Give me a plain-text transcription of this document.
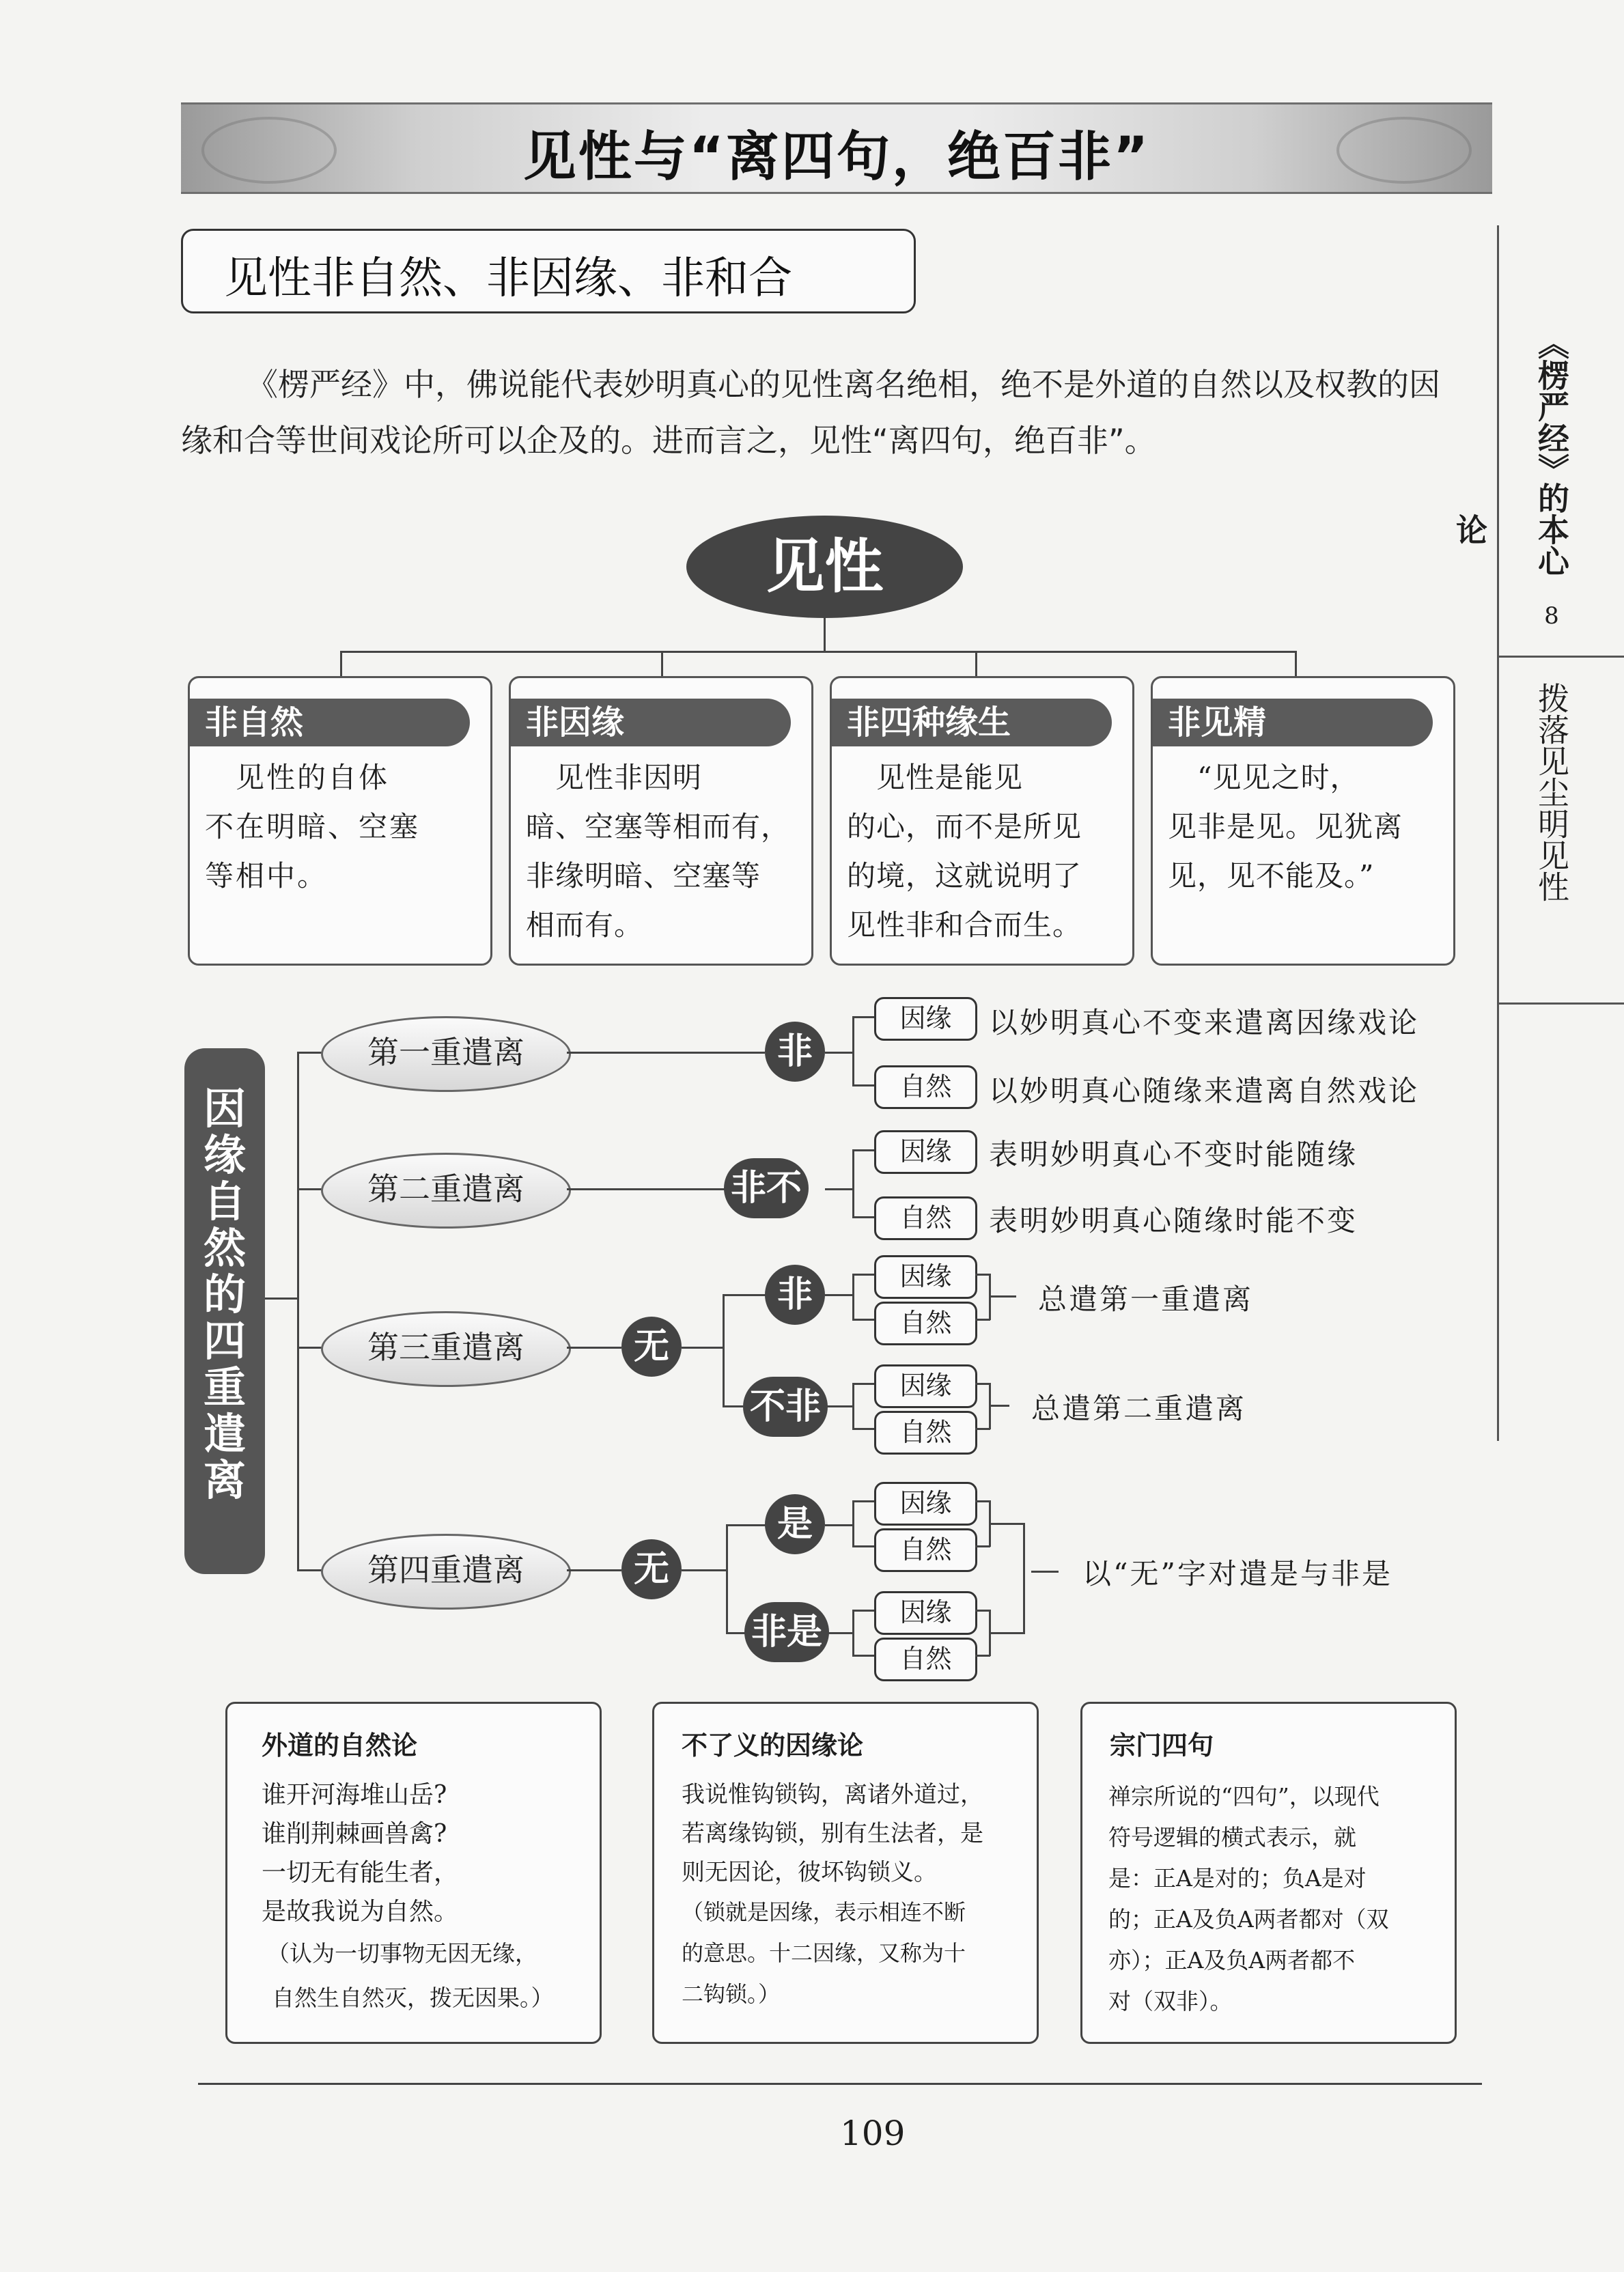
见性与“离四句，绝百非”
《楞严经》
的本心论
8
拨落见尘明见性
见性非自然、非因缘、非和合
《楞严经》中，佛说能代表妙明真心的见性离名绝相，绝不是外道的自然以及权教的因缘和合等世间戏论所可以企及的。进而言之，见性“离四句，绝百非”。
见性
非自然
　见性的自体
不在明暗、空塞
等相中。
非因缘
　见性非因明
暗、空塞等相而有，
非缘明暗、空塞等
相而有。
非四种缘生
　见性是能见
的心，而不是所见
的境，这就说明了
见性非和合而生。
非见精
　“见见之时，
见非是见。见犹离
见，见不能及。”
因缘自然的四重遣离
第一重遣离	非
因缘	以妙明真心不变来遣离因缘戏论
自然	以妙明真心随缘来遣离自然戏论
第二重遣离	非不
因缘	表明妙明真心不变时能随缘
自然	表明妙明真心随缘时能不变
第三重遣离	无
非
不非
因缘
自然
总遣第一重遣离
因缘
自然
总遣第二重遣离
第四重遣离	无
是
非是
因缘
自然
因缘
自然
以“无”字对遣是与非是
外道的自然论
谁开河海堆山岳?
谁削荆棘画兽禽?
一切无有能生者，
是故我说为自然。
（认为一切事物无因无缘，
自然生自然灭，拨无因果。）
不了义的因缘论
我说惟钩锁钩，离诸外道过，
若离缘钩锁，别有生法者，是
则无因论，彼坏钩锁义。
（锁就是因缘，表示相连不断
的意思。十二因缘，又称为十
二钩锁。）
宗门四句
禅宗所说的“四句”，以现代
符号逻辑的横式表示，就
是：正A是对的；负A是对
的；正A及负A两者都对（双
亦）；正A及负A两者都不
对（双非）。
109
